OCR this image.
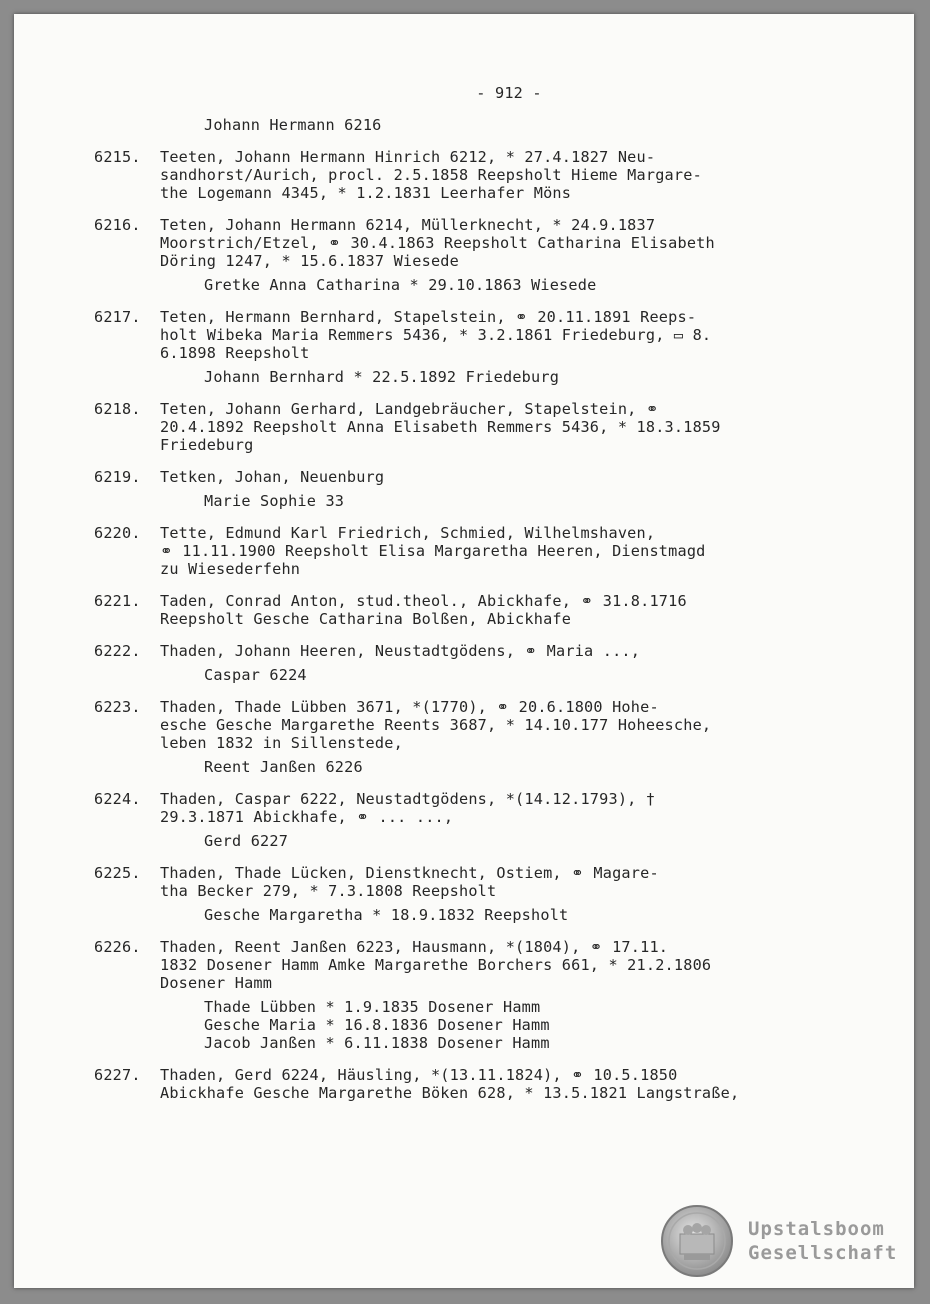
- 912 -
Johann Hermann 6216
6215.	Teeten, Johann Hermann Hinrich 6212, * 27.4.1827 Neu-
sandhorst/Aurich, procl. 2.5.1858 Reepsholt Hieme Margare-
the Logemann 4345, * 1.2.1831 Leerhafer Möns
6216.	Teten, Johann Hermann 6214, Müllerknecht, * 24.9.1837
Moorstrich/Etzel, ⚭ 30.4.1863 Reepsholt Catharina Elisabeth
Döring 1247, * 15.6.1837 Wiesede
Gretke Anna Catharina * 29.10.1863 Wiesede
6217.	Teten, Hermann Bernhard, Stapelstein, ⚭ 20.11.1891 Reeps-
holt Wibeka Maria Remmers 5436, * 3.2.1861 Friedeburg, ▭ 8.
6.1898 Reepsholt
Johann Bernhard * 22.5.1892 Friedeburg
6218.	Teten, Johann Gerhard, Landgebräucher, Stapelstein, ⚭
20.4.1892 Reepsholt Anna Elisabeth Remmers 5436, * 18.3.1859
Friedeburg
6219.	Tetken, Johan, Neuenburg
Marie Sophie 33
6220.	Tette, Edmund Karl Friedrich, Schmied, Wilhelmshaven,
⚭ 11.11.1900 Reepsholt Elisa Margaretha Heeren, Dienstmagd
zu Wiesederfehn
6221.	Taden, Conrad Anton, stud.theol., Abickhafe, ⚭ 31.8.1716
Reepsholt Gesche Catharina Bolßen, Abickhafe
6222.	Thaden, Johann Heeren, Neustadtgödens, ⚭ Maria ...,
Caspar 6224
6223.	Thaden, Thade Lübben 3671, *(1770), ⚭ 20.6.1800 Hohe-
esche Gesche Margarethe Reents 3687, * 14.10.177 Hoheesche,
leben 1832 in Sillenstede,
Reent Janßen 6226
6224.	Thaden, Caspar 6222, Neustadtgödens, *(14.12.1793), †
29.3.1871 Abickhafe, ⚭ ... ...,
Gerd 6227
6225.	Thaden, Thade Lücken, Dienstknecht, Ostiem, ⚭ Magare-
tha Becker 279, * 7.3.1808 Reepsholt
Gesche Margaretha * 18.9.1832 Reepsholt
6226.	Thaden, Reent Janßen 6223, Hausmann, *(1804), ⚭ 17.11.
1832 Dosener Hamm Amke Margarethe Borchers 661, * 21.2.1806
Dosener Hamm
Thade Lübben * 1.9.1835 Dosener Hamm
Gesche Maria * 16.8.1836 Dosener Hamm
Jacob Janßen * 6.11.1838 Dosener Hamm
6227.	Thaden, Gerd 6224, Häusling, *(13.11.1824), ⚭ 10.5.1850
Abickhafe Gesche Margarethe Böken 628, * 13.5.1821 Langstraße,
Upstalsboom
Gesellschaft
